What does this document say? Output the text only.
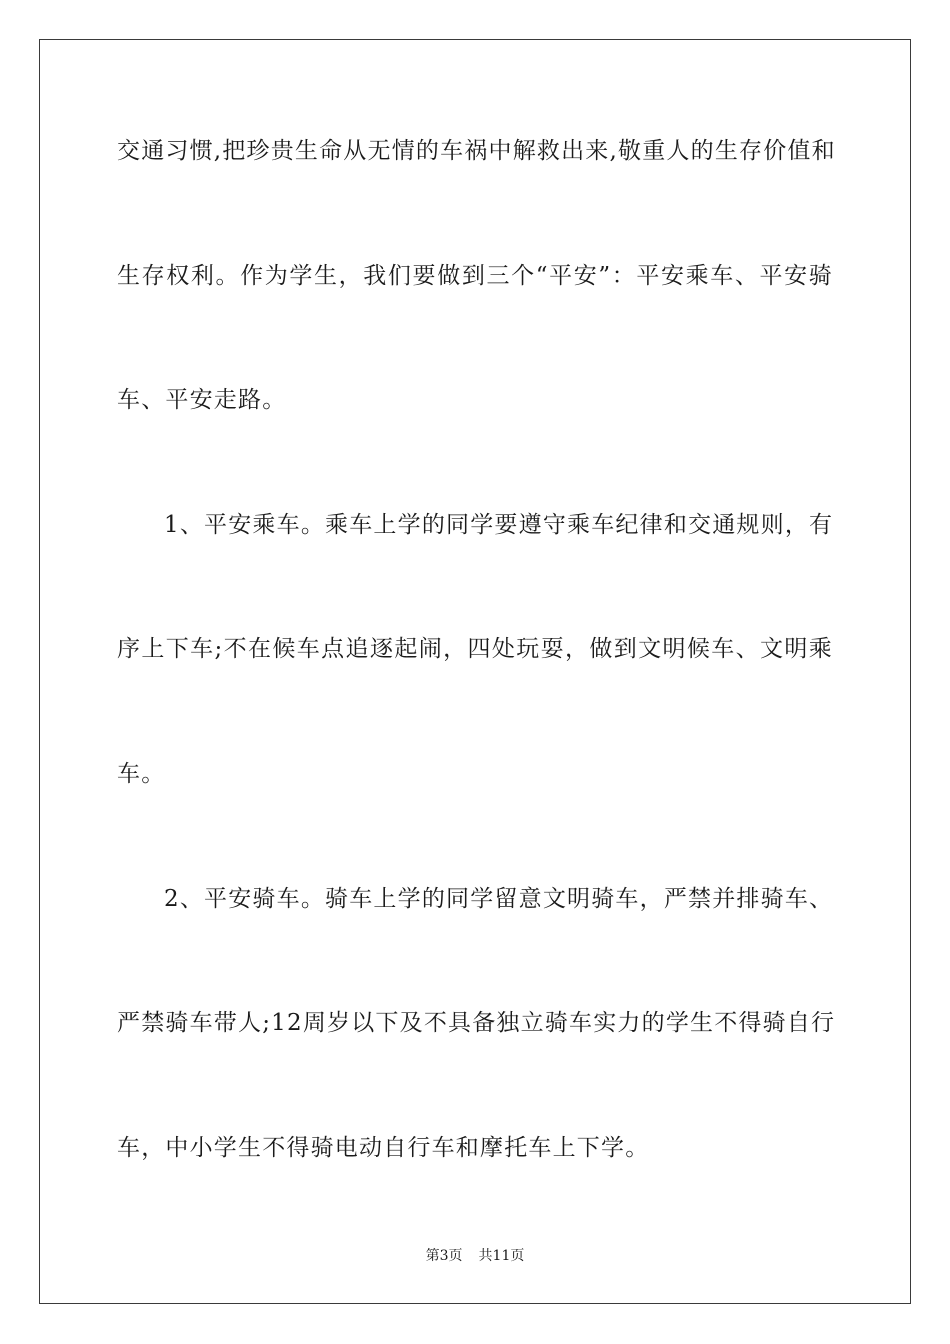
交通习惯,把珍贵生命从无情的车祸中解救出来,敬重人的生存价值和
生存权利。作为学生，我们要做到三个“平安”：平安乘车、平安骑
车、平安走路。
1、平安乘车。乘车上学的同学要遵守乘车纪律和交通规则，有
序上下车;不在候车点追逐起闹，四处玩耍，做到文明候车、文明乘
车。
2、平安骑车。骑车上学的同学留意文明骑车，严禁并排骑车、
严禁骑车带人;12周岁以下及不具备独立骑车实力的学生不得骑自行
车，中小学生不得骑电动自行车和摩托车上下学。
第3页 共11页
